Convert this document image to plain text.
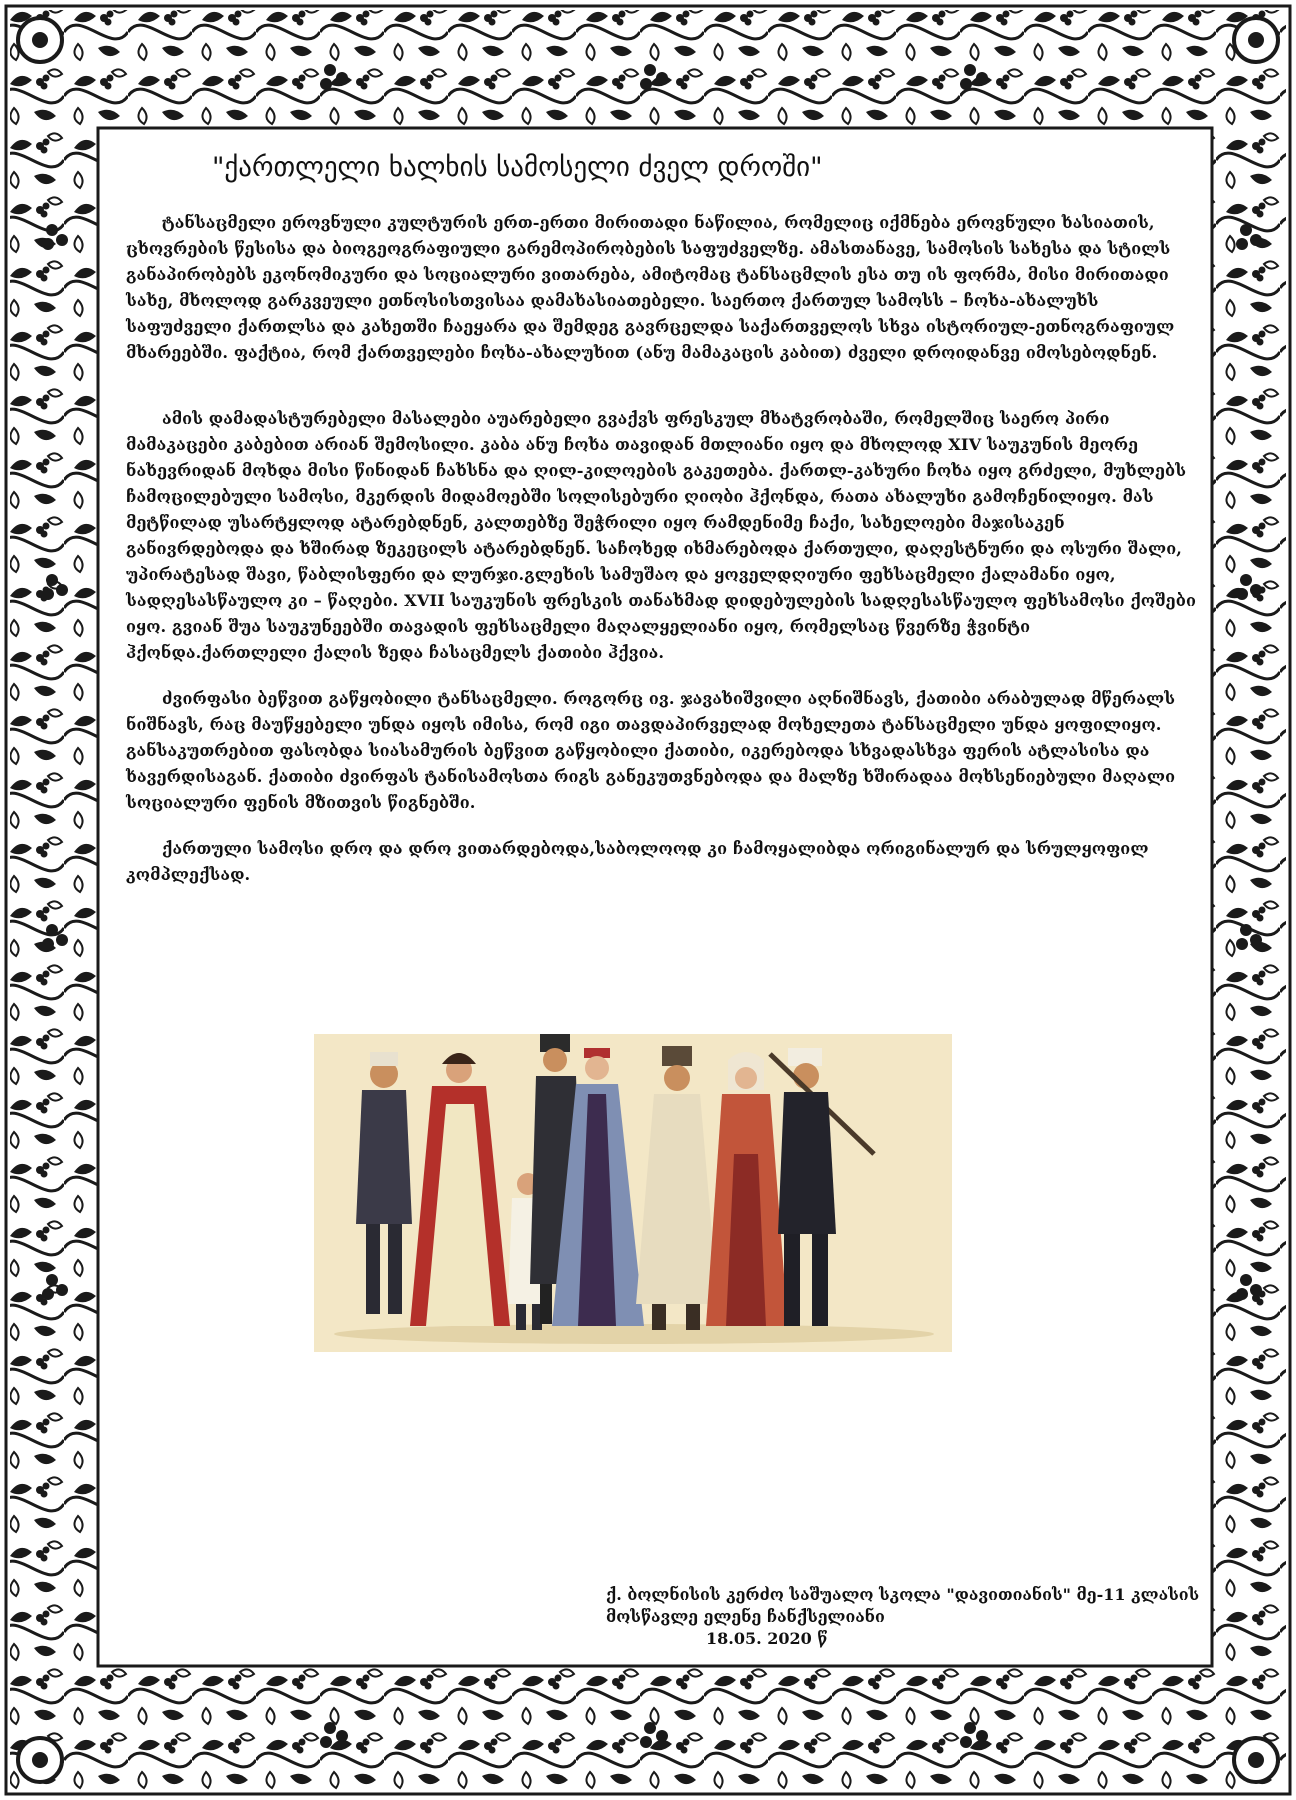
"ქართლელი ხალხის სამოსელი ძველ დროში"

ტანსაცმელი ეროვნული კულტურის ერთ-ერთი მირითადი ნაწილია, რომელიც იქმნება ეროვნული ხასიათის, ცხოვრების წესისა და ბიოგეოგრაფიული გარემოპირობების საფუძველზე. ამასთანავე, სამოსის სახესა და სტილს განაპირობებს ეკონომიკური და სოციალური ვითარება, ამიტომაც ტანსაცმლის ესა თუ ის ფორმა, მისი მირითადი სახე, მხოლოდ გარკვეული ეთნოსისთვისაა დამახასიათებელი. საერთო ქართულ სამოსს – ჩოხა-ახალუხს საფუძველი ქართლსა და კახეთში ჩაეყარა და შემდეგ გავრცელდა საქართველოს სხვა ისტორიულ-ეთნოგრაფიულ მხარეებში. ფაქტია, რომ ქართველები ჩოხა-ახალუხით (ანუ მამაკაცის კაბით) ძველი დროიდანვე იმოსებოდნენ.

ამის დამადასტურებელი მასალები აუარებელი გვაქვს ფრესკულ მხატვრობაში, რომელშიც საერო პირი მამაკაცები კაბებით არიან შემოსილი. კაბა ანუ ჩოხა თავიდან მთლიანი იყო და მხოლოდ XIV საუკუნის მეორე ნახევრიდან მოხდა მისი წინიდან ჩახსნა და ღილ-კილოების გაკეთება. ქართლ-კახური ჩოხა იყო გრძელი, მუხლებს ჩამოცილებული სამოსი, მკერდის მიდამოებში სოლისებური ღიობი ჰქონდა, რათა ახალუხი გამოჩენილიყო. მას მეტწილად უსარტყლოდ ატარებდნენ, კალთებზე შეჭრილი იყო რამდენიმე ჩაქი, სახელოები მაჯისაკენ განივრდებოდა და ხშირად ზეკეცილს ატარებდნენ. საჩოხედ იხმარებოდა ქართული, დაღესტნური და ოსური შალი, უპირატესად შავი, წაბლისფერი და ლურჯი.გლეხის სამუშაო და ყოველდღიური ფეხსაცმელი ქალამანი იყო, სადღესასწაულო კი – წაღები. XVII საუკუნის ფრესკის თანახმად დიდებულების სადღესასწაულო ფეხსამოსი ქოშები იყო. გვიან შუა საუკუნეებში თავადის ფეხსაცმელი მაღალყელიანი იყო, რომელსაც წვერზე ჭვინტი ჰქონდა.ქართლელი ქალის ზედა ჩასაცმელს ქათიბი ჰქვია.

ძვირფასი ბეწვით გაწყობილი ტანსაცმელი. როგორც ივ. ჯავახიშვილი აღნიშნავს, ქათიბი არაბულად მწერალს ნიშნავს, რაც მაუწყებელი უნდა იყოს იმისა, რომ იგი თავდაპირველად მოხელეთა ტანსაცმელი უნდა ყოფილიყო. განსაკუთრებით ფასობდა სიასამურის ბეწვით გაწყობილი ქათიბი, იკერებოდა სხვადასხვა ფერის ატლასისა და ხავერდისაგან. ქათიბი ძვირფას ტანისამოსთა რიგს განეკუთვნებოდა და მალზე ხშირადაა მოხსენიებული მაღალი სოციალური ფენის მზითვის წიგნებში.

ქართული სამოსი დრო და დრო ვითარდებოდა,საბოლოოდ კი ჩამოყალიბდა ორიგინალურ და სრულყოფილ კომპლექსად.

ქ. ბოლნისის კერძო საშუალო სკოლა "დავითიანის" მე-11 კლასის
მოსწავლე ელენე ჩანქსელიანი
18.05. 2020 წ
